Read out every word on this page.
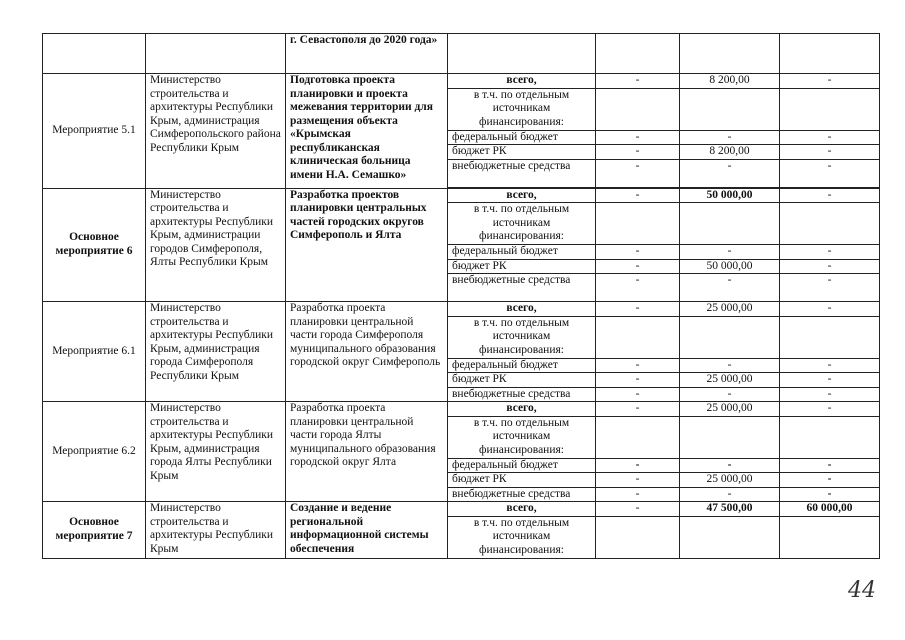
		г. Севастополя до 2020 года»				
Мероприятие 5.1	Министерство строительства и архитектуры Республики Крым, администрация Симферопольского района Республики Крым	Подготовка проекта планировки и проекта межевания территории для размещения объекта «Крымская республиканская клиническая больница имени Н.А. Семашко»	всего,	-	8 200,00	-
			в т.ч. по отдельным источникам финансирования:			
			федеральный бюджет	-	-	-
			бюджет РК	-	8 200,00	-
			внебюджетные средства	-	-	-

Основное мероприятие 6	Министерство строительства и архитектуры Республики Крым, администрации городов Симферополя, Ялты Республики Крым	Разработка проектов планировки центральных частей городских округов Симферополь и Ялта	всего,	-	50 000,00	-
			в т.ч. по отдельным источникам финансирования:			
			федеральный бюджет	-	-	-
			бюджет РК	-	50 000,00	-
			внебюджетные средства	-	-	-
Мероприятие 6.1	Министерство строительства и архитектуры Республики Крым, администрация города Симферополя Республики Крым	Разработка проекта планировки центральной части города Симферополя муниципального образования городской округ Симферополь	всего,	-	25 000,00	-
			в т.ч. по отдельным источникам финансирования:			
			федеральный бюджет	-	-	-
			бюджет РК	-	25 000,00	-
			внебюджетные средства	-	-	-
Мероприятие 6.2	Министерство строительства и архитектуры Республики Крым, администрация города Ялты Республики Крым	Разработка проекта планировки центральной части города Ялты муниципального образования городской округ Ялта	всего,	-	25 000,00	-
			в т.ч. по отдельным источникам финансирования:			
			федеральный бюджет	-	-	-
			бюджет РК	-	25 000,00	-
			внебюджетные средства	-	-	-
Основное мероприятие 7	Министерство строительства и архитектуры Республики Крым	Создание и ведение региональной информационной системы обеспечения	всего,	-	47 500,00	60 000,00
			в т.ч. по отдельным источникам финансирования:			
44
